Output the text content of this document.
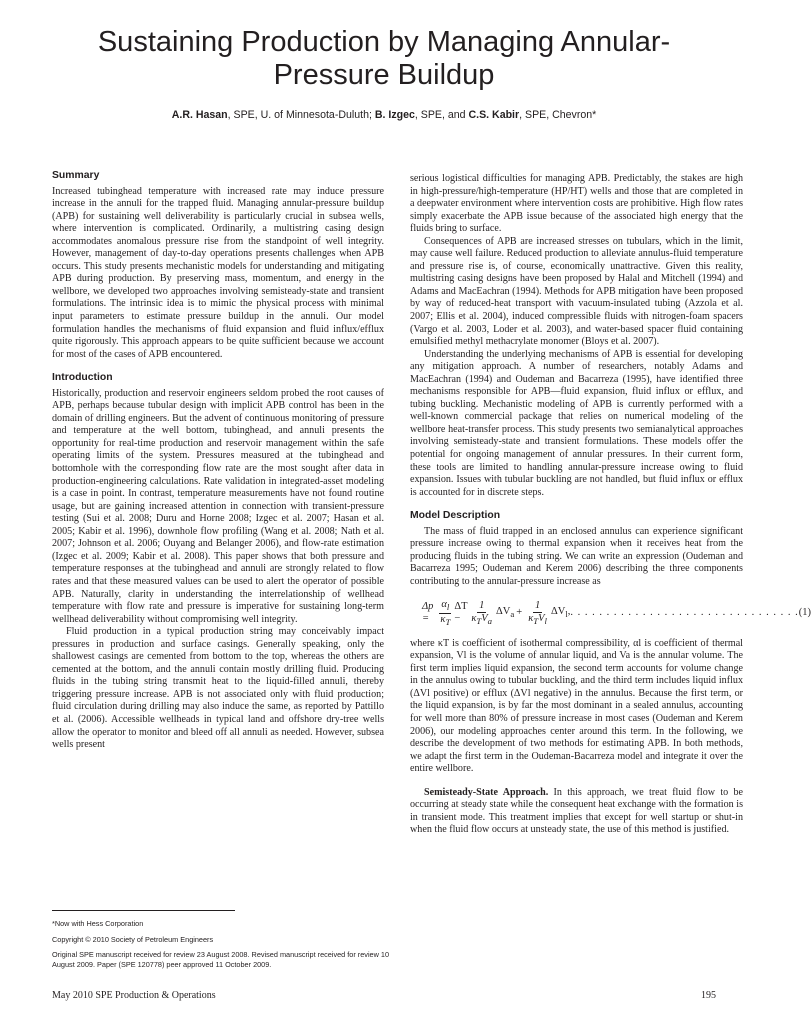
Sustaining Production by Managing Annular-Pressure Buildup
A.R. Hasan, SPE, U. of Minnesota-Duluth; B. Izgec, SPE, and C.S. Kabir, SPE, Chevron*
Summary

Increased tubinghead temperature with increased rate may induce pressure increase in the annuli for the trapped fluid. Managing annular-pressure buildup (APB) for sustaining well deliverability is particularly crucial in subsea wells, where intervention is complicated. Ordinarily, a multistring casing design accommodates anomalous pressure rise from the standpoint of well integrity. However, management of day-to-day operations presents challenges when APB occurs. This study presents mechanistic models for understanding and mitigating APB during production. By preserving mass, momentum, and energy in the wellbore, we developed two approaches involving semisteady-state and transient formulations. The intrinsic idea is to mimic the physical process with minimal input parameters to estimate pressure buildup in the annuli. Our model formulation handles the mechanisms of fluid expansion and fluid influx/efflux quite rigorously. This approach appears to be quite sufficient because we account for most of the cases of APB encountered.

Introduction

Historically, production and reservoir engineers seldom probed the root causes of APB, perhaps because tubular design with implicit APB control has been in the domain of drilling engineers. But the advent of continuous monitoring of pressure and temperature at the well bottom, tubinghead, and annuli presents the opportunity for real-time production and reservoir management within the safe operating limits of the system. Pressures measured at the tubinghead and bottomhole with the corresponding flow rate are the most sought after data in production-engineering calculations. Rate validation in integrated-asset modeling is a case in point. In contrast, temperature measurements have not found routine usage, but are gaining increased attention in connection with transient-pressure testing (Sui et al. 2008; Duru and Horne 2008; Izgec et al. 2007; Hasan et al. 2005; Kabir et al. 1996), downhole flow profiling (Wang et al. 2008; Nath et al. 2007; Johnson et al. 2006; Ouyang and Belanger 2006), and flow-rate estimation (Izgec et al. 2009; Kabir et al. 2008). This paper shows that both pressure and temperature responses at the tubinghead and annuli are strongly related to flow rates and that these measured values can be used to alert the operator of possible APB. Naturally, clarity in understanding the interrelationship of wellhead temperature with flow rate and pressure is imperative for sustaining long-term wellhead deliverability without compromising well integrity.

Fluid production in a typical production string may conceivably impact pressures in production and surface casings. Generally speaking, only the shallowest casings are cemented from bottom to the top, whereas the others are cemented at the bottom, and the annuli contain mostly drilling fluid. Producing fluids in the tubing string transmit heat to the liquid-filled annuli, thereby triggering pressure increase. APB is not associated only with fluid production; fluid circulation during drilling may also induce the same, as reported by Pattillo et al. (2006). Accessible wellheads in typical land and offshore dry-tree wells allow the operator to monitor and bleed off all annuli as needed. However, subsea wells present

serious logistical difficulties for managing APB. Predictably, the stakes are high in high-pressure/high-temperature (HP/HT) wells and those that are completed in a deepwater environment where intervention costs are prohibitive. High flow rates simply exacerbate the APB issue because of the associated high energy that the fluids bring to surface.

Consequences of APB are increased stresses on tubulars, which in the limit, may cause well failure. Reduced production to alleviate annulus-fluid temperature and pressure rise is, of course, economically unattractive. Given this reality, multistring casing designs have been proposed by Halal and Mitchell (1994) and Adams and MacEachran (1994). Methods for APB mitigation have been proposed by way of reduced-heat transport with vacuum-insulated tubing (Azzola et al. 2007; Ellis et al. 2004), induced compressible fluids with nitrogen-foam spacers (Vargo et al. 2003, Loder et al. 2003), and water-based spacer fluid containing emulsified methyl methacrylate monomer (Bloys et al. 2007).

Understanding the underlying mechanisms of APB is essential for developing any mitigation approach. A number of researchers, notably Adams and MacEachran (1994) and Oudeman and Bacarreza (1995), have identified three mechanisms responsible for APB—fluid expansion, fluid influx or efflux, and tubing buckling. Mechanistic modeling of APB is currently performed with a well-known commercial package that relies on numerical modeling of the wellbore heat-transfer process. This study presents two semianalytical approaches involving semisteady-state and transient formulations. These models offer the potential for ongoing management of annular pressures. In their current form, these tools are limited to handling annular-pressure increase owing to fluid expansion. Issues with tubular buckling are not handled, but fluid influx or efflux is accounted for in discrete steps.

Model Description

The mass of fluid trapped in an enclosed annulus can experience significant pressure increase owing to thermal expansion when it receives heat from the producing fluids in the tubing string. We can write an expression (Oudeman and Bacarreza 1995; Oudeman and Kerem 2006) describing the three components contributing to the annular-pressure increase as

$\Delta p = \frac{\alpha_l}{\kappa_T}$ $\Delta T - \frac{1}{\kappa_TV_a} \Delta V_a + \frac{1}{\kappa_TV_l} \Delta V_l$, . . . . . . . . . . . . . . . . . . . . . . . . . . . . . . . . (1)

where κT is coefficient of isothermal compressibility, αl is coefficient of thermal expansion, Vl is the volume of annular liquid, and Va is the annular volume. The first term implies liquid expansion, the second term accounts for volume change in the annulus owing to tubular buckling, and the third term includes liquid influx (ΔVl positive) or efflux (ΔVl negative) in the annulus. Because the first term, or the liquid expansion, is by far the most dominant in a sealed annulus, accounting for well more than 80% of pressure increase in most cases (Oudeman and Kerem 2006), our modeling approaches center around this term. In the following, we describe the development of two methods for estimating APB. In both methods, we adapt the first term in the Oudeman-Bacarreza model and integrate it over the entire wellbore.

Semisteady-State Approach. In this approach, we treat fluid flow to be occurring at steady state while the consequent heat exchange with the formation is in transient mode. This treatment implies that except for well startup or shut-in when the fluid flow occurs at unsteady state, the use of this method is justified.

*Now with Hess Corporation

Copyright © 2010 Society of Petroleum Engineers

Original SPE manuscript received for review 23 August 2008. Revised manuscript received for review 10 August 2009. Paper (SPE 120778) peer approved 11 October 2009.

May 2010 SPE Production & Operations	195
